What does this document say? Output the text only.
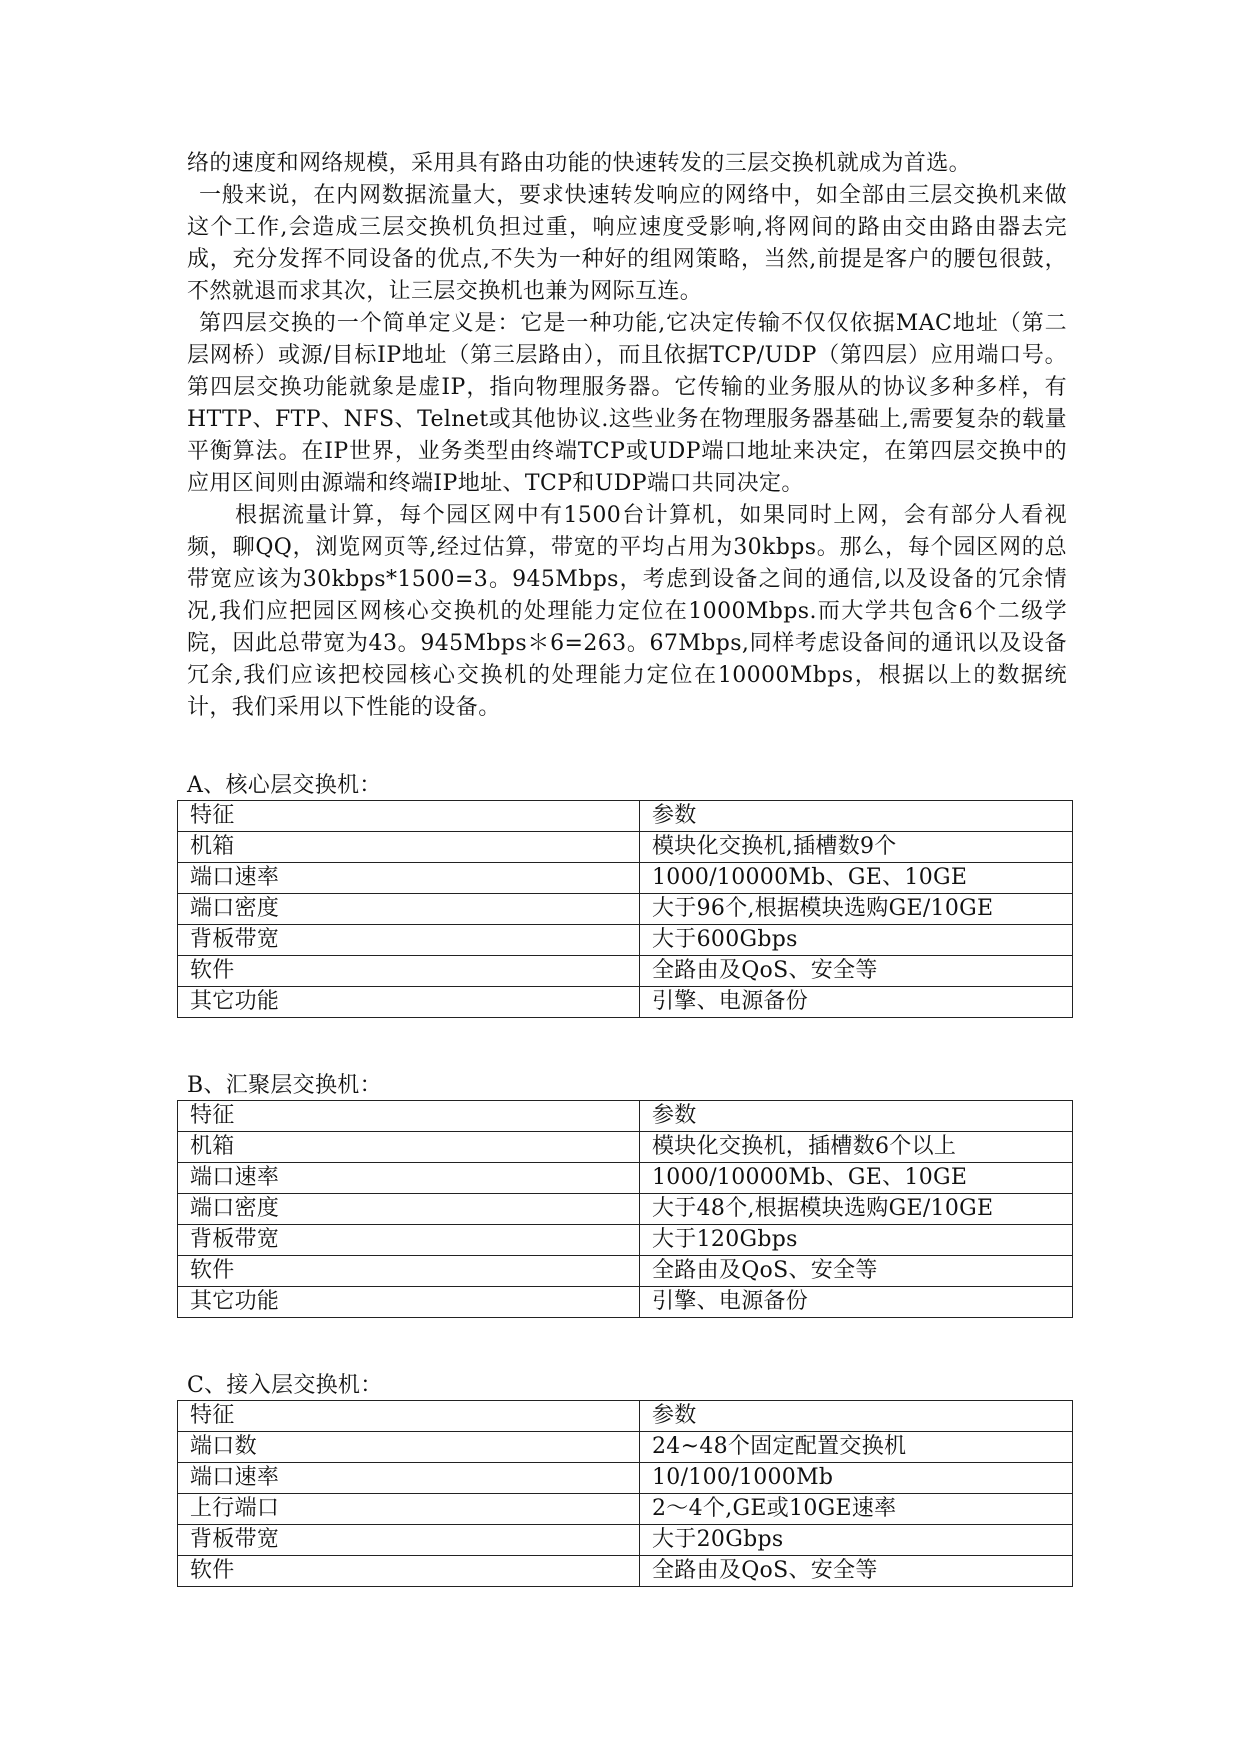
络的速度和网络规模，采用具有路由功能的快速转发的三层交换机就成为首选。

一般来说，在内网数据流量大，要求快速转发响应的网络中，如全部由三层交换机来做这个工作,会造成三层交换机负担过重，响应速度受影响,将网间的路由交由路由器去完成，充分发挥不同设备的优点,不失为一种好的组网策略，当然,前提是客户的腰包很鼓，不然就退而求其次，让三层交换机也兼为网际互连。

第四层交换的一个简单定义是：它是一种功能,它决定传输不仅仅依据MAC地址（第二层网桥）或源/目标IP地址（第三层路由），而且依据TCP/UDP（第四层）应用端口号。第四层交换功能就象是虚IP，指向物理服务器。它传输的业务服从的协议多种多样，有HTTP、FTP、NFS、Telnet或其他协议.这些业务在物理服务器基础上,需要复杂的载量平衡算法。在IP世界，业务类型由终端TCP或UDP端口地址来决定，在第四层交换中的应用区间则由源端和终端IP地址、TCP和UDP端口共同决定。

根据流量计算，每个园区网中有1500台计算机，如果同时上网，会有部分人看视频，聊QQ，浏览网页等,经过估算，带宽的平均占用为30kbps。那么，每个园区网的总带宽应该为30kbps*1500=3。945Mbps，考虑到设备之间的通信,以及设备的冗余情况,我们应把园区网核心交换机的处理能力定位在1000Mbps.而大学共包含6个二级学院，因此总带宽为43。945Mbps＊6=263。67Mbps,同样考虑设备间的通讯以及设备冗余,我们应该把校园核心交换机的处理能力定位在10000Mbps，根据以上的数据统计，我们采用以下性能的设备。

A、核心层交换机：
特征	参数
机箱	模块化交换机,插槽数9个
端口速率	1000/10000Mb、GE、10GE
端口密度	大于96个,根据模块选购GE/10GE
背板带宽	大于600Gbps
软件	全路由及QoS、安全等
其它功能	引擎、电源备份
B、汇聚层交换机：
特征	参数
机箱	模块化交换机，插槽数6个以上
端口速率	1000/10000Mb、GE、10GE
端口密度	大于48个,根据模块选购GE/10GE
背板带宽	大于120Gbps
软件	全路由及QoS、安全等
其它功能	引擎、电源备份
C、接入层交换机：
特征	参数
端口数	24~48个固定配置交换机
端口速率	10/100/1000Mb
上行端口	2～4个,GE或10GE速率
背板带宽	大于20Gbps
软件	全路由及QoS、安全等
